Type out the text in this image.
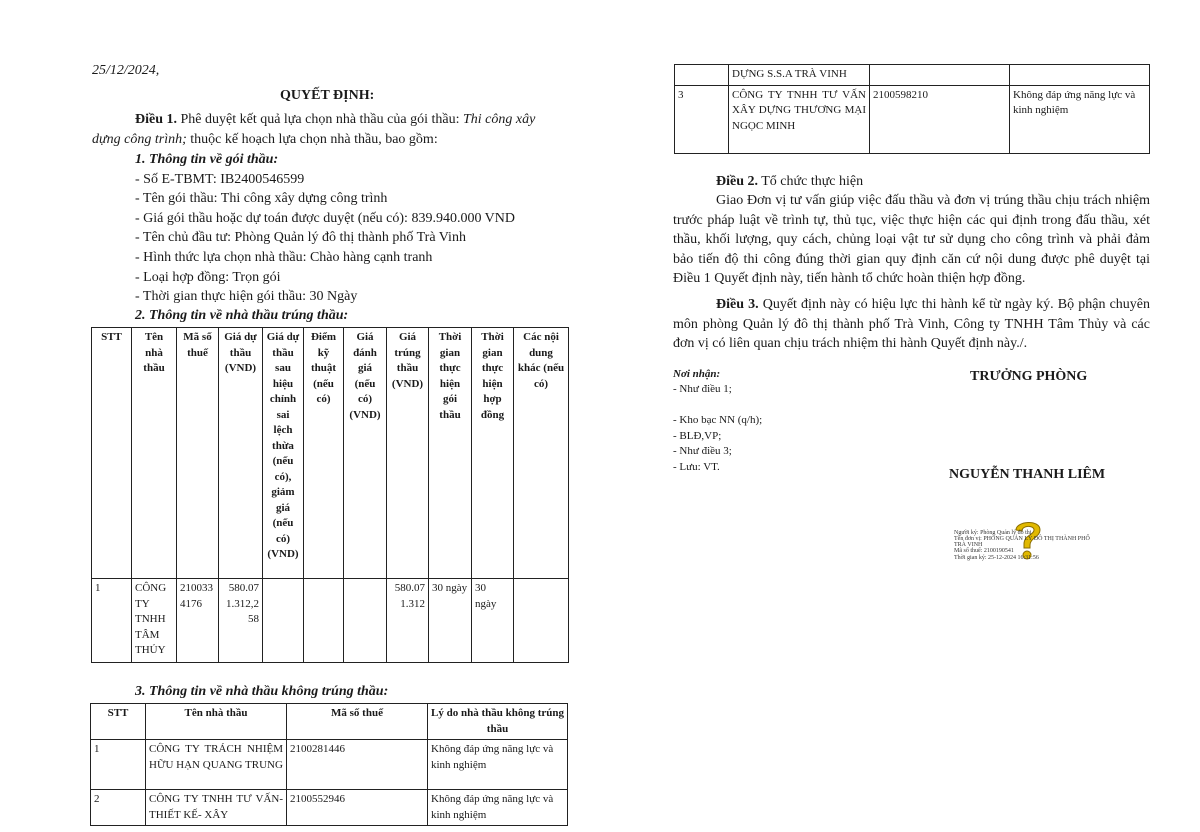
25/12/2024,
QUYẾT ĐỊNH:
Điều 1. Phê duyệt kết quả lựa chọn nhà thầu của gói thầu: Thi công xây
dựng công trình; thuộc kế hoạch lựa chọn nhà thầu, bao gồm:
1. Thông tin về gói thầu:
- Số E-TBMT: IB2400546599
- Tên gói thầu: Thi công xây dựng công trình
- Giá gói thầu hoặc dự toán được duyệt (nếu có): 839.940.000 VND
- Tên chủ đầu tư: Phòng Quản lý đô thị thành phố Trà Vinh
- Hình thức lựa chọn nhà thầu: Chào hàng cạnh tranh
- Loại hợp đồng: Trọn gói
- Thời gian thực hiện gói thầu: 30 Ngày
2. Thông tin về nhà thầu trúng thầu:
STT	Tên nhà thầu	Mã số thuế	Giá dự thầu (VND)	Giá dự thầu sau hiệu chỉnh sai lệch thừa (nếu có), giảm giá (nếu có) (VND)	Điểm kỹ thuật (nếu có)	Giá đánh giá (nếu có) (VND)	Giá trúng thầu (VND)	Thời gian thực hiện gói thầu	Thời gian thực hiện hợp đồng	Các nội dung khác (nếu có)
1	CÔNG TY TNHH TÂM THỦY	2100334176	580.071.312,258				580.071.312	30 ngày	30 ngày	
3. Thông tin về nhà thầu không trúng thầu:
STT	Tên nhà thầu	Mã số thuế	Lý do nhà thầu không trúng thầu
1	CÔNG TY TRÁCH NHIỆM HỮU HẠN QUANG TRUNG	2100281446	Không đáp ứng năng lực và kinh nghiệm
2	CÔNG TY TNHH TƯ VẤN- THIẾT KẾ- XÂY	2100552946	Không đáp ứng năng lực và kinh nghiệm
	DỰNG S.S.A TRÀ VINH		
3	CÔNG TY TNHH TƯ VẤN XÂY DỰNG THƯƠNG MẠI NGỌC MINH	2100598210	Không đáp ứng năng lực và kinh nghiệm
Điều 2. Tổ chức thực hiện
Giao Đơn vị tư vấn giúp việc đấu thầu và đơn vị trúng thầu chịu trách nhiệm trước pháp luật về trình tự, thủ tục, việc thực hiện các qui định trong đấu thầu, xét thầu, khối lượng, quy cách, chủng loại vật tư sử dụng cho công trình và phải đảm bảo tiến độ thi công đúng thời gian quy định căn cứ nội dung được phê duyệt tại Điều 1 Quyết định này, tiến hành tổ chức hoàn thiện hợp đồng.
Điều 3. Quyết định này có hiệu lực thi hành kể từ ngày ký. Bộ phận chuyên môn phòng Quản lý đô thị thành phố Trà Vinh, Công ty TNHH Tâm Thủy và các đơn vị có liên quan chịu trách nhiệm thi hành Quyết định này./.
Nơi nhận:
- Như điều 1;
- Kho bạc NN (q/h);
- BLĐ,VP;
- Như điều 3;
- Lưu: VT.
TRƯỞNG PHÒNG
NGUYỄN THANH LIÊM
Người ký: Phòng Quản lý đô thị
Tên đơn vị: PHÒNG QUẢN LÝ ĐÔ THỊ THÀNH PHỐ
TRÀ VINH
Mã số thuế: 2100190541
Thời gian ký: 25-12-2024 16:31:56
